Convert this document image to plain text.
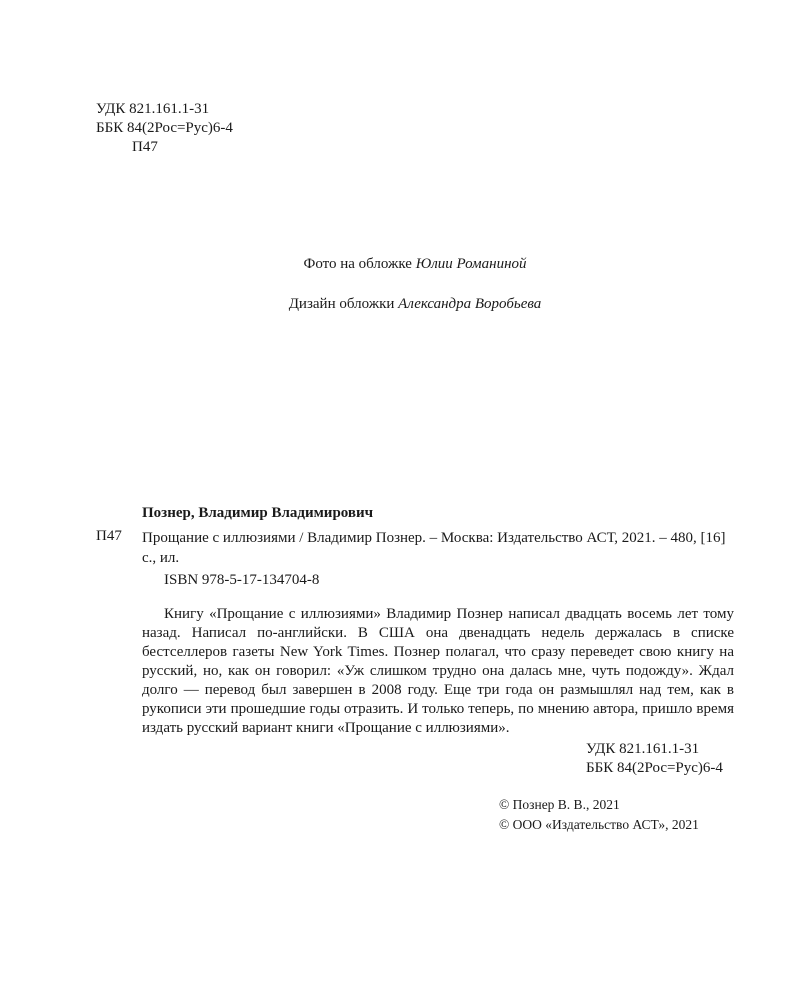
УДК 821.161.1-31
ББК 84(2Рос=Рус)6-4
П47
Фото на обложке Юлии Романиной
Дизайн обложки Александра Воробьева
Познер, Владимир Владимирович
П47 Прощание с иллюзиями / Владимир Познер. – Москва: Издательство АСТ, 2021. – 480, [16] с., ил.
ISBN 978-5-17-134704-8
Книгу «Прощание с иллюзиями» Владимир Познер написал двадцать восемь лет тому назад. Написал по-английски. В США она двенадцать недель держалась в списке бестселлеров газеты New York Times. Познер полагал, что сразу переведет свою книгу на русский, но, как он говорил: «Уж слишком трудно она далась мне, чуть подожду». Ждал долго — перевод был завершен в 2008 году. Еще три года он размышлял над тем, как в рукописи эти прошедшие годы отразить. И только теперь, по мнению автора, пришло время издать русский вариант книги «Прощание с иллюзиями».
УДК 821.161.1-31
ББК 84(2Рос=Рус)6-4
© Познер В. В., 2021
© ООО «Издательство АСТ», 2021
